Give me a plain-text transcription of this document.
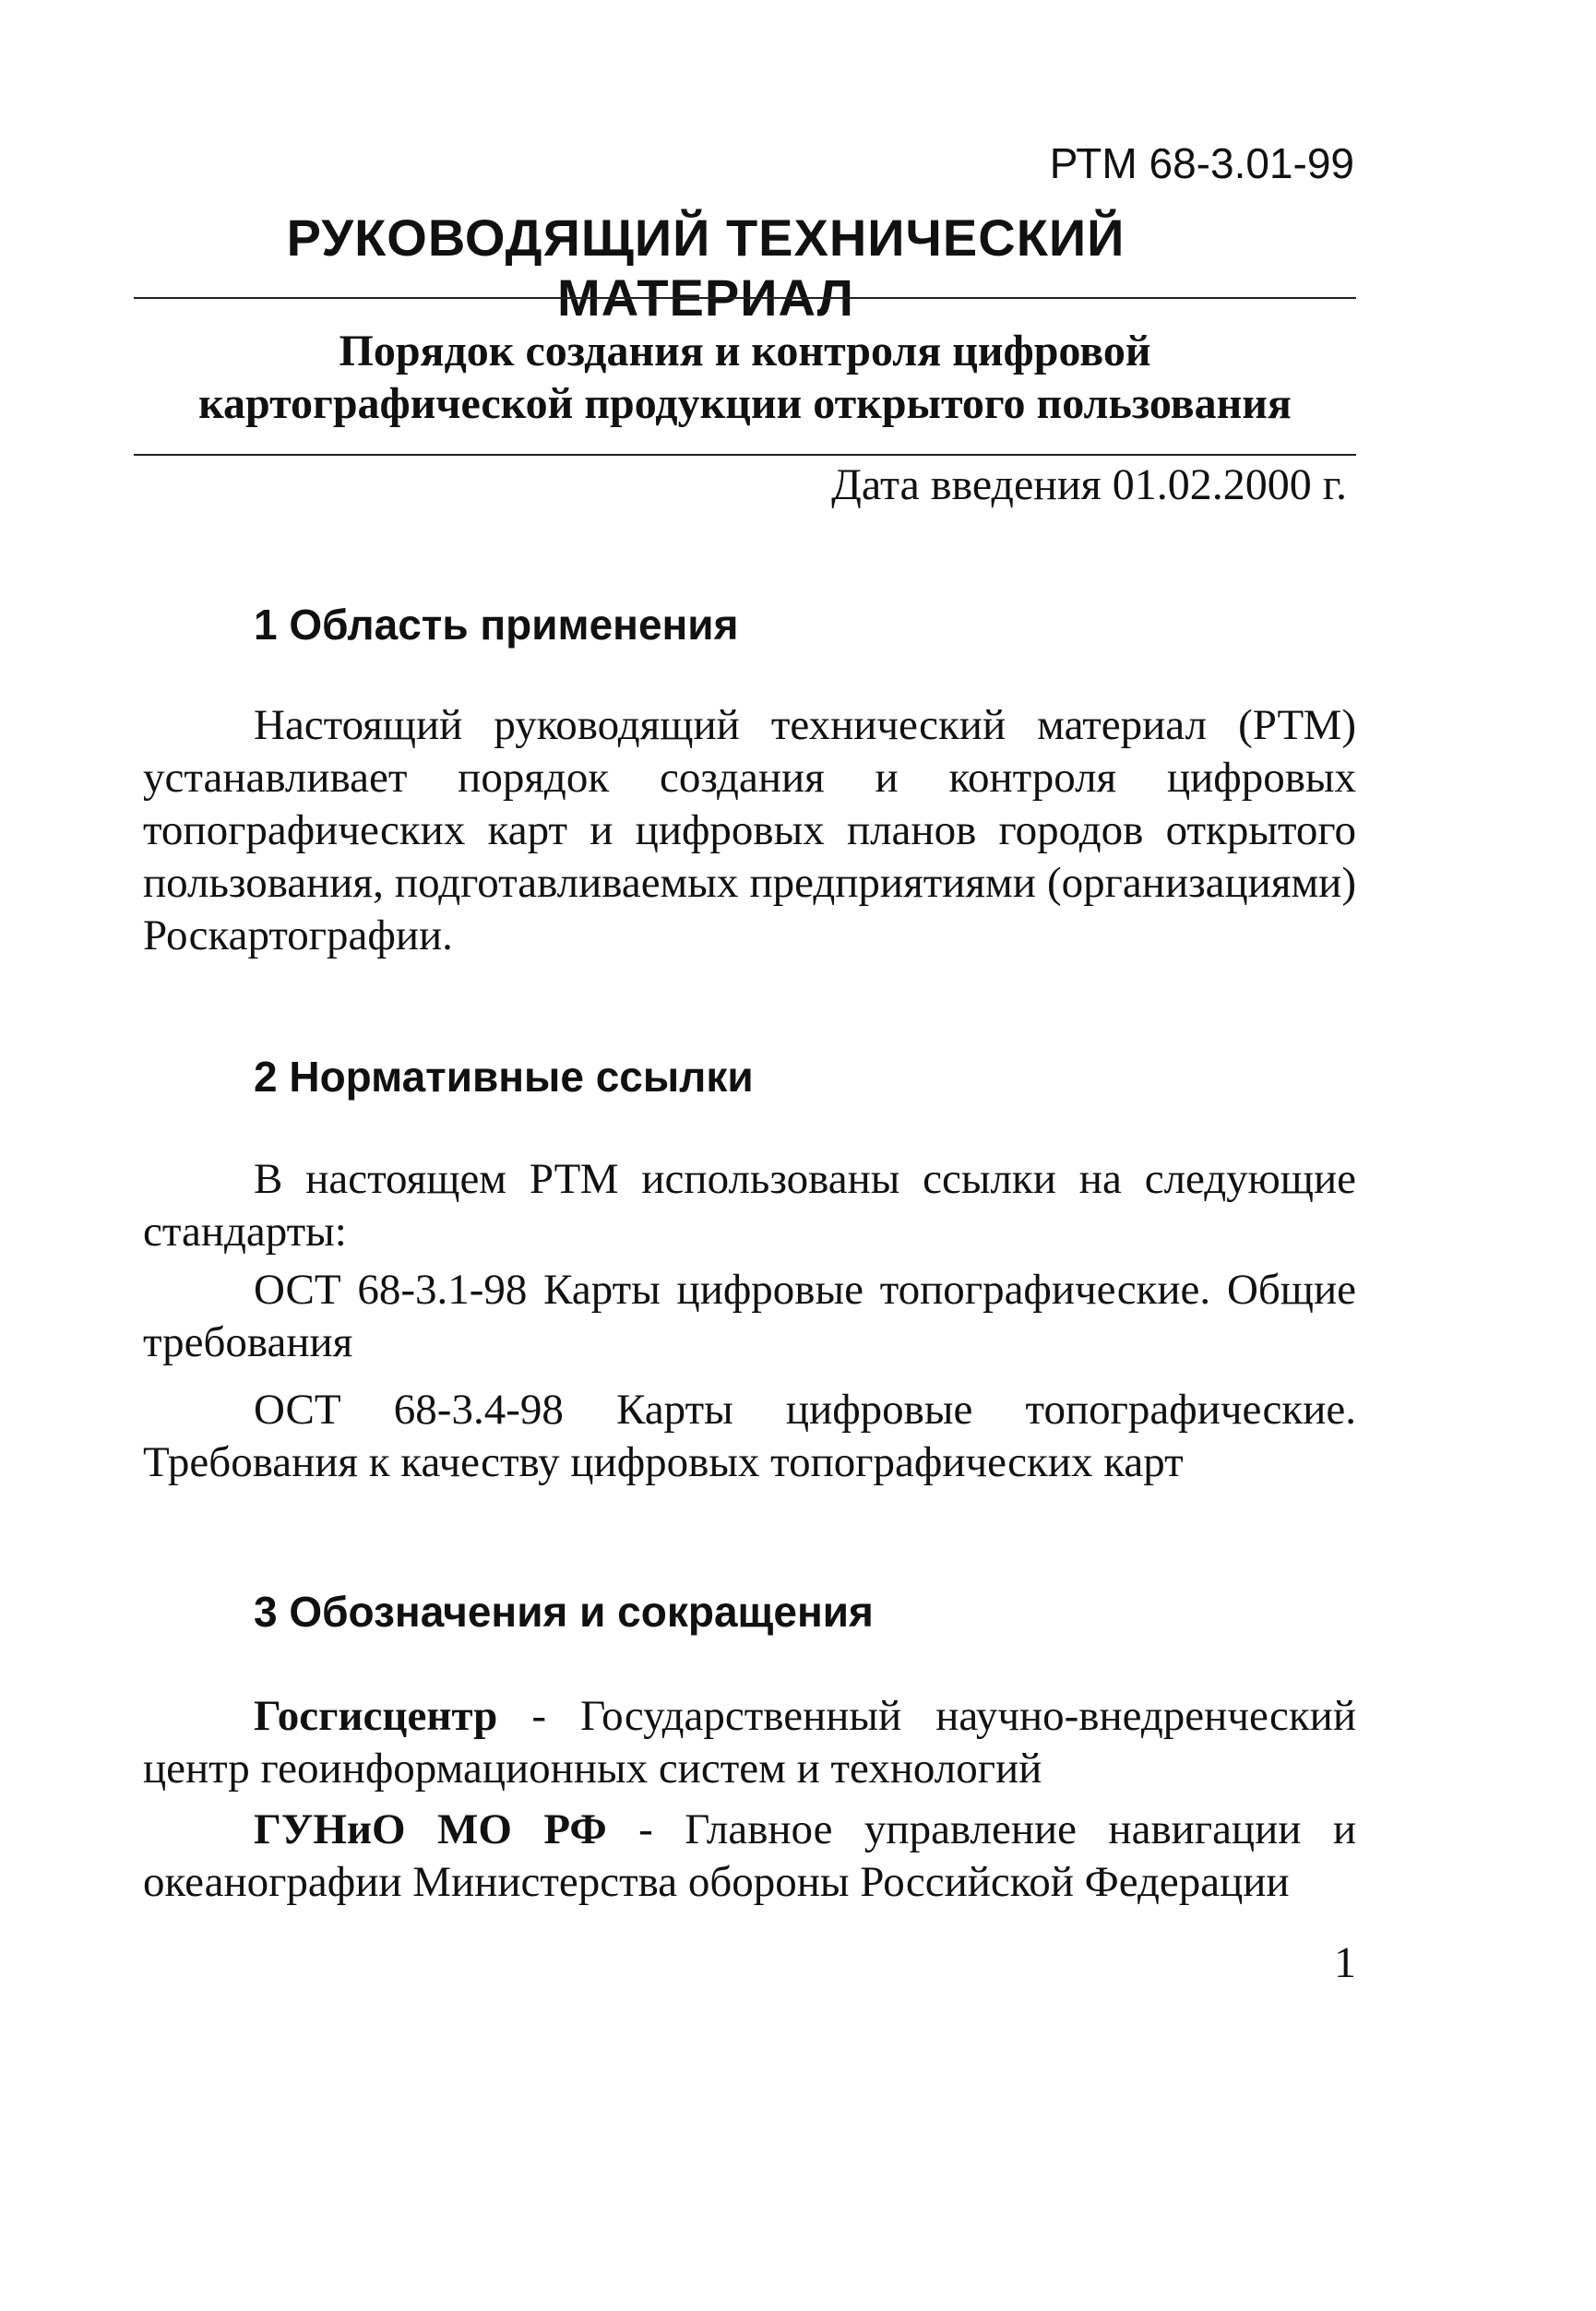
РТМ 68-3.01-99
РУКОВОДЯЩИЙ ТЕХНИЧЕСКИЙ МАТЕРИАЛ
Порядок создания и контроля цифровой
картографической продукции открытого пользования
Дата введения 01.02.2000 г.
1 Область применения
Настоящий руководящий технический материал (РТМ) устанавливает порядок создания и контроля цифровых топографических карт и цифровых планов городов открытого пользования, подготавливаемых предприятиями (организациями) Роскартографии.
2 Нормативные ссылки
В настоящем РТМ использованы ссылки на следующие стандарты:
ОСТ 68-3.1-98 Карты цифровые топографические. Общие требования
ОСТ 68-3.4-98 Карты цифровые топографические. Требования к качеству цифровых топографических карт
3 Обозначения и сокращения
Госгисцентр - Государственный научно-внедренческий центр геоинформационных систем и технологий
ГУНиО МО РФ - Главное управление навигации и океанографии Министерства обороны Российской Федерации
1
